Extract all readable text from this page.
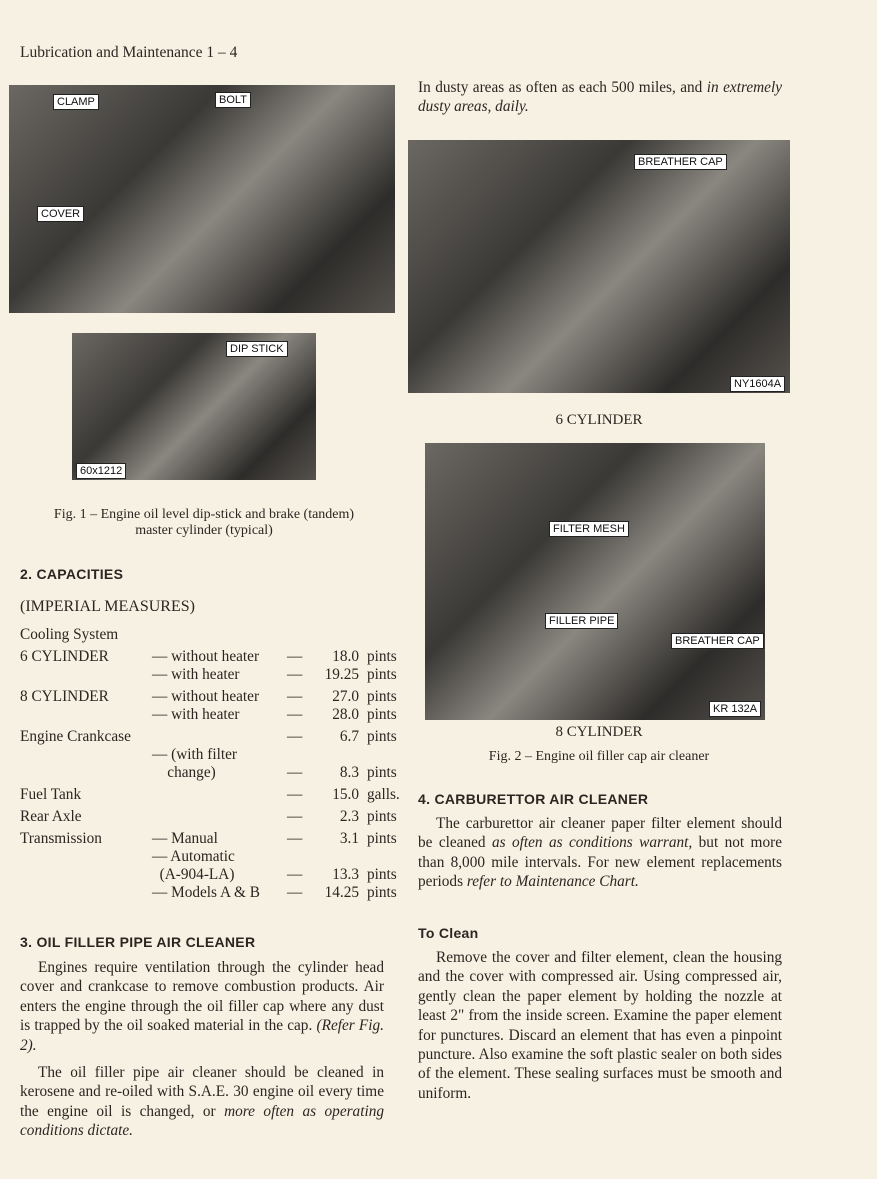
Lubrication and Maintenance 1 – 4
CLAMP	BOLT
COVER
DIP STICK
60x1212
Fig. 1 – Engine oil level dip-stick and brake (tandem)
master cylinder (typical)
2. CAPACITIES
(IMPERIAL MEASURES)
Cooling System
6 CYLINDER	— without heater	—	18.0	pints
	— with heater	—	19.25	pints
8 CYLINDER	— without heater	—	27.0	pints
	— with heater	—	28.0	pints
Engine Crankcase		—	6.7	pints
	— (with filter			
	change)	—	8.3	pints
Fuel Tank		—	15.0	galls.
Rear Axle		—	2.3	pints
Transmission	— Manual	—	3.1	pints
	— Automatic			
	(A-904-LA)	—	13.3	pints
	— Models A & B	—	14.25	pints
3. OIL FILLER PIPE AIR CLEANER

Engines require ventilation through the cylinder head cover and crankcase to remove combustion products. Air enters the engine through the oil filler cap where any dust is trapped by the oil soaked material in the cap. (Refer Fig. 2).

The oil filler pipe air cleaner should be cleaned in kerosene and re-oiled with S.A.E. 30 engine oil every time the engine oil is changed, or more often as operating conditions dictate.

In dusty areas as often as each 500 miles, and in extremely dusty areas, daily.
BREATHER CAP
NY1604A
6 CYLINDER
FILTER MESH
FILLER PIPE
BREATHER CAP
KR 132A
8 CYLINDER
Fig. 2 – Engine oil filler cap air cleaner
4. CARBURETTOR AIR CLEANER

The carburettor air cleaner paper filter element should be cleaned as often as conditions warrant, but not more than 8,000 mile intervals. For new element replacements periods refer to Maintenance Chart.

To Clean

Remove the cover and filter element, clean the housing and the cover with compressed air. Using compressed air, gently clean the paper element by holding the nozzle at least 2" from the inside screen. Examine the paper element for punctures. Discard an element that has even a pinpoint puncture. Also examine the soft plastic sealer on both sides of the element. These sealing surfaces must be smooth and uniform.
